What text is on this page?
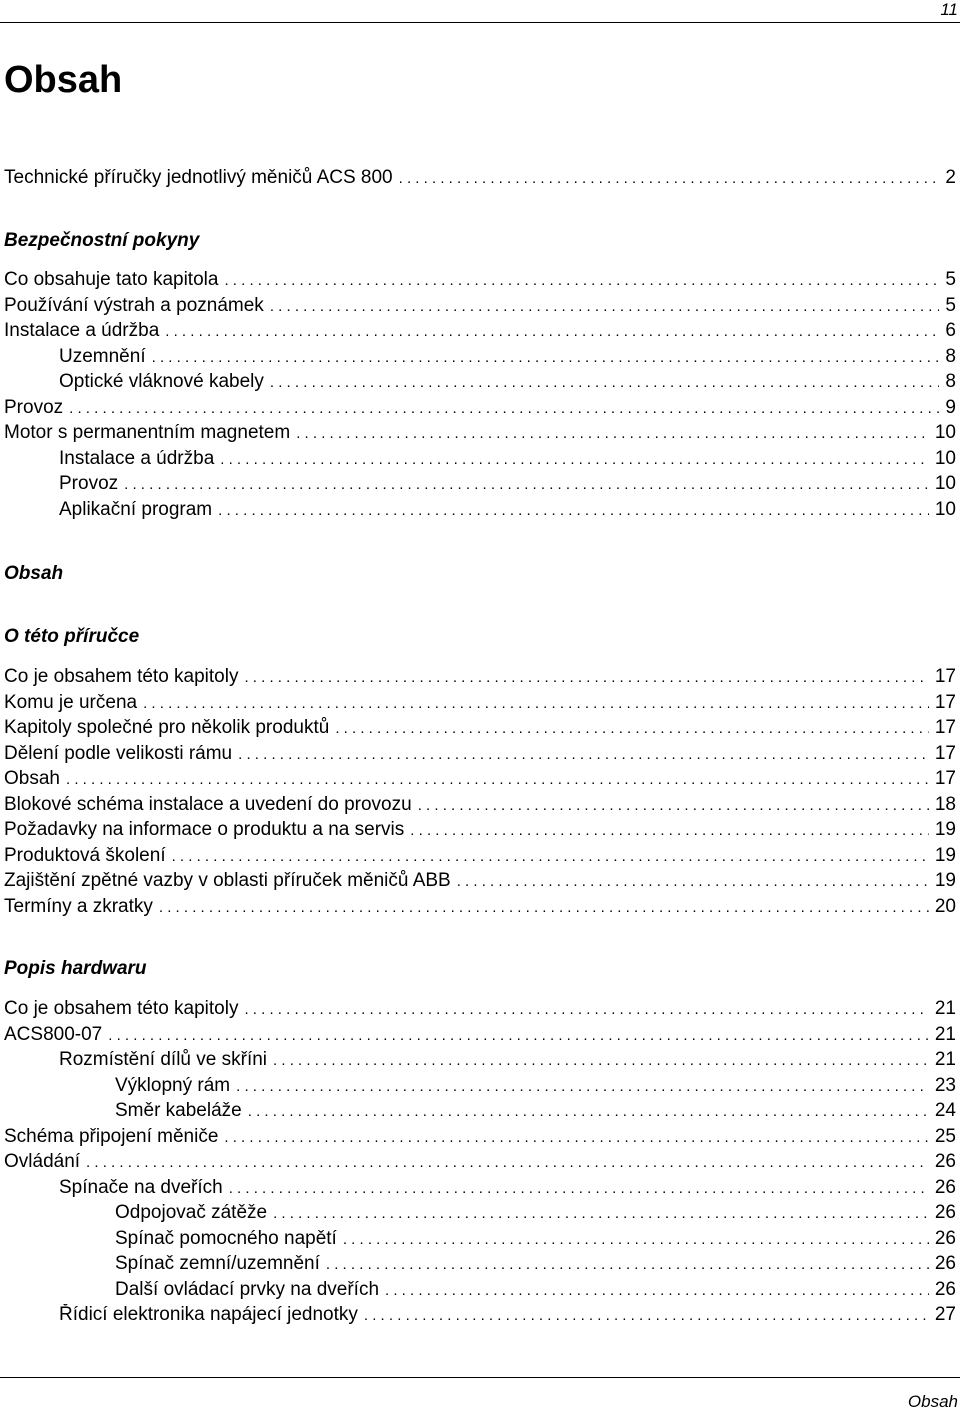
11
Obsah
Technické příručky jednotlivý měničů ACS 800 . . .	2
Bezpečnostní pokyny
Co obsahuje tato kapitola . . .	5
Používání výstrah a poznámek . . .	5
Instalace a údržba . . .	6
Uzemnění . . .	8
Optické vláknové kabely . . .	8
Provoz . . .	9
Motor s permanentním magnetem . . .	10
Instalace a údržba . . .	10
Provoz . . .	10
Aplikační program . . .	10
Obsah
O této příručce
Co je obsahem této kapitoly . . .	17
Komu je určena . . .	17
Kapitoly společné pro několik produktů . . .	17
Dělení podle velikosti rámu . . .	17
Obsah . . .	17
Blokové schéma instalace a uvedení do provozu . . .	18
Požadavky na informace o produktu a na servis . . .	19
Produktová školení . . .	19
Zajištění zpětné vazby v oblasti příruček měničů ABB . . .	19
Termíny a zkratky . . .	20
Popis hardwaru
Co je obsahem této kapitoly . . .	21
ACS800-07 . . .	21
Rozmístění dílů ve skříni . . .	21
Výklopný rám . . .	23
Směr kabeláže . . .	24
Schéma připojení měniče . . .	25
Ovládání . . .	26
Spínače na dveřích . . .	26
Odpojovač zátěže . . .	26
Spínač pomocného napětí . . .	26
Spínač zemní/uzemnění . . .	26
Další ovládací prvky na dveřích . . .	26
Řídicí elektronika napájecí jednotky . . .	27
Obsah
